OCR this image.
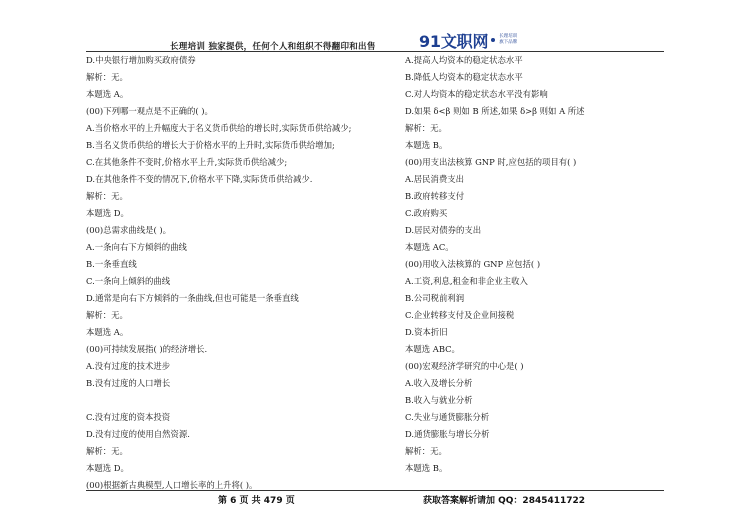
长理培训 独家提供，任何个人和组织不得翻印和出售	91文职网 长理培训
旗下品牌
D.中央银行增加购买政府债券
解析：无。
本题选 A。
(00)下列哪一观点是不正确的( )。
A.当价格水平的上升幅度大于名义货币供给的增长时,实际货币供给减少;
B.当名义货币供给的增长大于价格水平的上升时,实际货币供给增加;
C.在其他条件不变时,价格水平上升,实际货币供给减少;
D.在其他条件不变的情况下,价格水平下降,实际货币供给减少.
解析：无。
本题选 D。
(00)总需求曲线是( )。
A.一条向右下方倾斜的曲线
B.一条垂直线
C.一条向上倾斜的曲线
D.通常是向右下方倾斜的一条曲线,但也可能是一条垂直线
解析：无。
本题选 A。
(00)可持续发展指( )的经济增长.
A.没有过度的技术进步
B.没有过度的人口增长
C.没有过度的资本投资
D.没有过度的使用自然资源.
解析：无。
本题选 D。
(00)根据新古典模型,人口增长率的上升将( )。
A.提高人均资本的稳定状态水平
B.降低人均资本的稳定状态水平
C.对人均资本的稳定状态水平没有影响
D.如果 δ<β 则如 B 所述,如果 δ>β 则如 A 所述
解析：无。
本题选 B。
(00)用支出法核算 GNP 时,应包括的项目有( )
A.居民消费支出
B.政府转移支付
C.政府购买
D.居民对债券的支出
本题选 AC。
(00)用收入法核算的 GNP 应包括( )
A.工资,利息,租金和非企业主收入
B.公司税前利润
C.企业转移支付及企业间接税
D.资本折旧
本题选 ABC。
(00)宏观经济学研究的中心是( )
A.收入及增长分析
B.收入与就业分析
C.失业与通货膨胀分析
D.通货膨胀与增长分析
解析：无。
本题选 B。
第 6 页 共 479 页	获取答案解析请加 QQ：2845411722
